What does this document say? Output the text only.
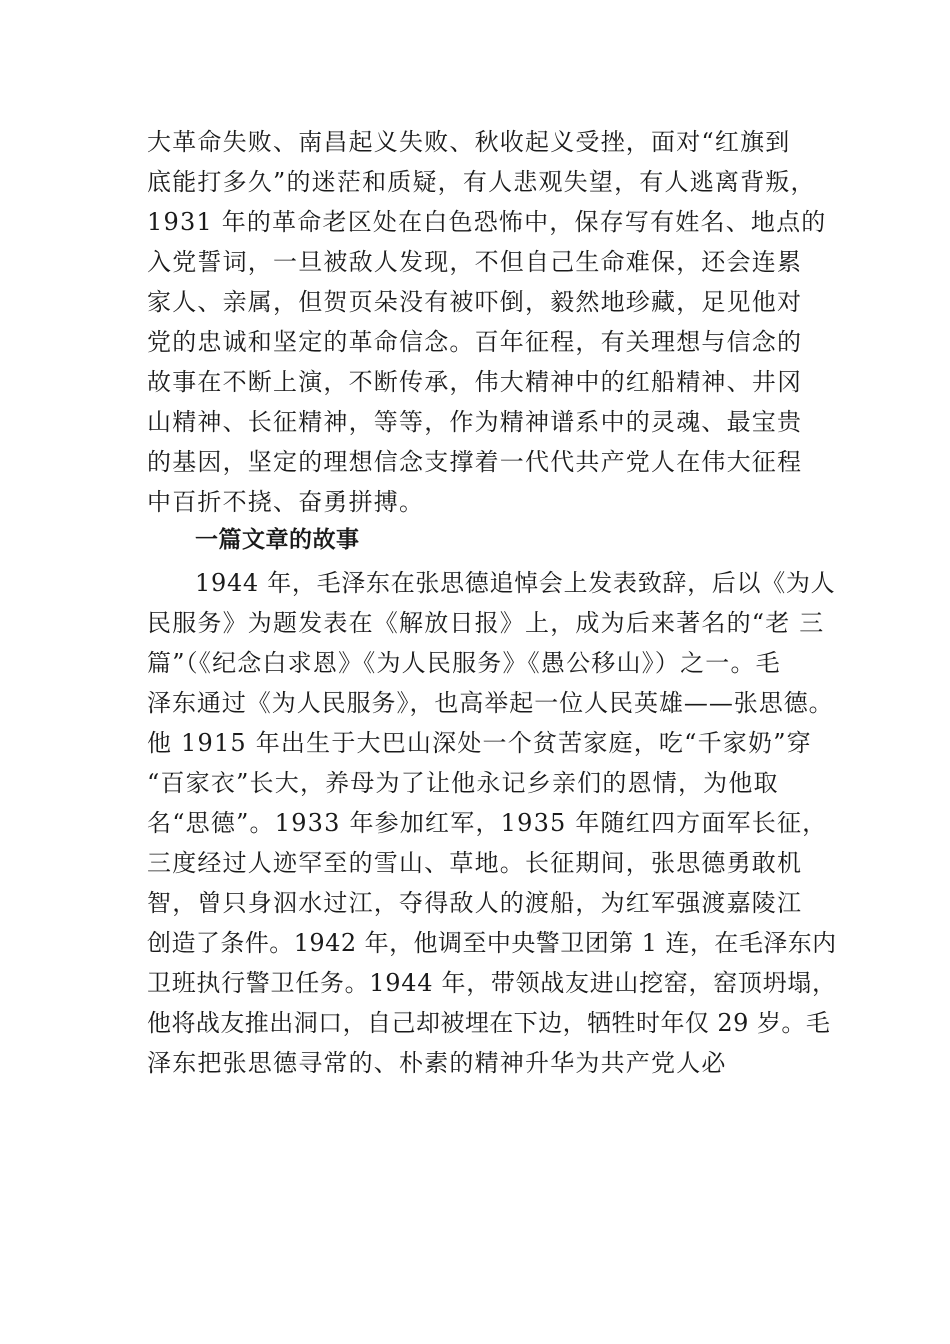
大革命失败、南昌起义失败、秋收起义受挫，面对“红旗到
底能打多久”的迷茫和质疑，有人悲观失望，有人逃离背叛，
1931 年的革命老区处在白色恐怖中，保存写有姓名、地点的
入党誓词，一旦被敌人发现，不但自己生命难保，还会连累
家人、亲属，但贺页朵没有被吓倒，毅然地珍藏，足见他对
党的忠诚和坚定的革命信念。百年征程，有关理想与信念的
故事在不断上演，不断传承，伟大精神中的红船精神、井冈
山精神、长征精神，等等，作为精神谱系中的灵魂、最宝贵
的基因，坚定的理想信念支撑着一代代共产党人在伟大征程
中百折不挠、奋勇拼搏。
一篇文章的故事
1944 年，毛泽东在张思德追悼会上发表致辞，后以《为人
民服务》为题发表在《解放日报》上，成为后来著名的“老 三
篇”（《纪念白求恩》《为人民服务》《愚公移山》）之一。毛
泽东通过《为人民服务》，也高举起一位人民英雄——张思德。
他 1915 年出生于大巴山深处一个贫苦家庭，吃“千家奶”穿
“百家衣”长大，养母为了让他永记乡亲们的恩情，为他取
名“思德”。1933 年参加红军，1935 年随红四方面军长征，
三度经过人迹罕至的雪山、草地。长征期间，张思德勇敢机
智，曾只身泅水过江，夺得敌人的渡船，为红军强渡嘉陵江
创造了条件。1942 年，他调至中央警卫团第 1 连，在毛泽东内
卫班执行警卫任务。1944 年，带领战友进山挖窑，窑顶坍塌，
他将战友推出洞口，自己却被埋在下边，牺牲时年仅 29 岁。毛
泽东把张思德寻常的、朴素的精神升华为共产党人必
